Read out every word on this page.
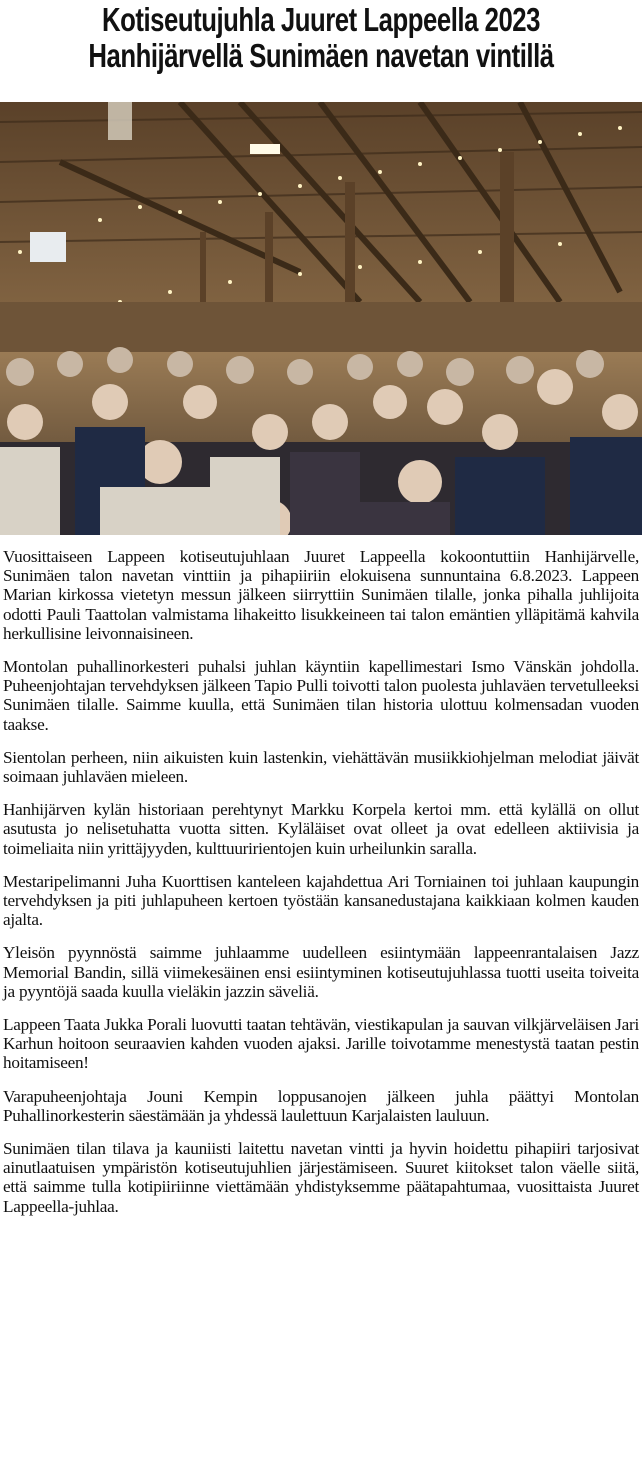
Kotiseutujuhla Juuret Lappeella 2023
Hanhijärvellä Sunimäen navetan vintillä

Vuosittaiseen Lappeen kotiseutujuhlaan Juuret Lappeella kokoontuttiin Hanhijärvelle, Sunimäen talon navetan vinttiin ja pihapiiriin elokuisena sunnuntaina 6.8.2023. Lappeen Marian kirkossa vietetyn messun jälkeen siirryttiin Sunimäen tilalle, jonka pihalla juhlijoita odotti Pauli Taattolan valmistama lihakeitto lisukkeineen tai talon emäntien ylläpitämä kahvila herkullisine leivonnaisineen.

Montolan puhallinorkesteri puhalsi juhlan käyntiin kapellimestari Ismo Vänskän johdolla. Puheenjohtajan tervehdyksen jälkeen Tapio Pulli toivotti talon puolesta juhlaväen tervetulleeksi Sunimäen tilalle. Saimme kuulla, että Sunimäen tilan historia ulottuu kolmensadan vuoden taakse.

Sientolan perheen, niin aikuisten kuin lastenkin, viehättävän musiikkiohjelman melodiat jäivät soimaan juhlaväen mieleen.

Hanhijärven kylän historiaan perehtynyt Markku Korpela kertoi mm. että kylällä on ollut asutusta jo nelisetuhatta vuotta sitten. Kyläläiset ovat olleet ja ovat edelleen aktiivisia ja toimeliaita niin yrittäjyyden, kulttuuririentojen kuin urheilunkin saralla.

Mestaripelimanni Juha Kuorttisen kanteleen kajahdettua Ari Torniainen toi juhlaan kaupungin tervehdyksen ja piti juhlapuheen kertoen työstään kansanedustajana kaikkiaan kolmen kauden ajalta.

Yleisön pyynnöstä saimme juhlaamme uudelleen esiintymään lappeenrantalaisen Jazz Memorial Bandin, sillä viimekesäinen ensi esiintyminen kotiseutujuhlassa tuotti useita toiveita ja pyyntöjä saada kuulla vieläkin jazzin säveliä.

Lappeen Taata Jukka Porali luovutti taatan tehtävän, viestikapulan ja sauvan vilkjärveläisen Jari Karhun hoitoon seuraavien kahden vuoden ajaksi. Jarille toivotamme menestystä taatan pestin hoitamiseen!

Varapuheenjohtaja Jouni Kempin loppusanojen jälkeen juhla päättyi Montolan Puhallinorkesterin säestämään ja yhdessä laulettuun Karjalaisten lauluun.

Sunimäen tilan tilava ja kauniisti laitettu navetan vintti ja hyvin hoidettu pihapiiri tarjosivat ainutlaatuisen ympäristön kotiseutujuhlien järjestämiseen. Suuret kiitokset talon väelle siitä, että saimme tulla kotipiiriinne viettämään yhdistyksemme päätapahtumaa, vuosittaista Juuret Lappeella-juhlaa.
